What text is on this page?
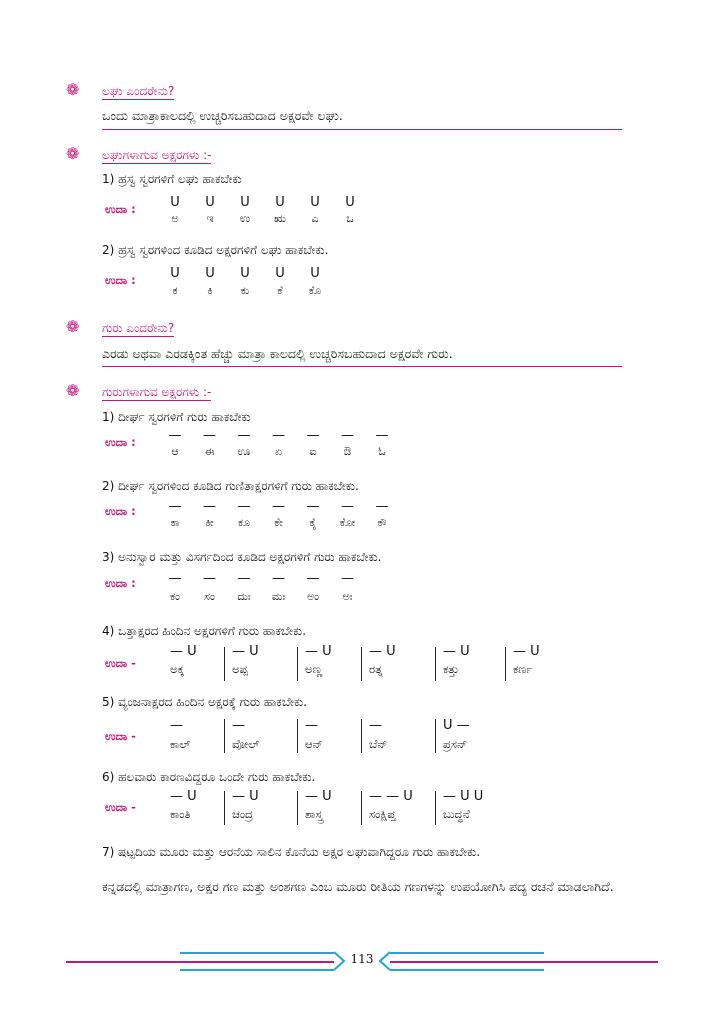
❁ ಲಘು ಎಂದರೇನು?
ಒಂದು ಮಾತ್ರಾಕಾಲದಲ್ಲಿ ಉಚ್ಚರಿಸಬಹುದಾದ ಅಕ್ಷರವೇ ಲಘು.
❁ ಲಘುಗಳಾಗುವ ಅಕ್ಷರಗಳು :-
1) ಹ್ರಸ್ವ ಸ್ವರಗಳಿಗೆ ಲಘು ಹಾಕಬೇಕು
ಉದಾ :
2) ಹ್ರಸ್ವ ಸ್ವರಗಳಿಂದ ಕೂಡಿದ ಅಕ್ಷರಗಳಿಗೆ ಲಘು ಹಾಕಬೇಕು.
ಉದಾ :
❁ ಗುರು ಎಂದರೇನು?
ಎರಡು ಅಥವಾ ಎರಡಕ್ಕಿಂತ ಹೆಚ್ಚು ಮಾತ್ರಾ ಕಾಲದಲ್ಲಿ ಉಚ್ಚರಿಸಬಹುದಾದ ಅಕ್ಷರವೇ ಗುರು.
❁ ಗುರುಗಳಾಗುವ ಅಕ್ಷರಗಳು :-
1) ದೀರ್ಘ ಸ್ವರಗಳಿಗೆ ಗುರು ಹಾಕಬೇಕು
ಉದಾ :
2) ದೀರ್ಘ ಸ್ವರಗಳಿಂದ ಕೂಡಿದ ಗುಣಿತಾಕ್ಷರಗಳಿಗೆ ಗುರು ಹಾಕಬೇಕು.
ಉದಾ :
3) ಅನುಸ್ವಾರ ಮತ್ತು ವಿಸರ್ಗದಿಂದ ಕೂಡಿದ ಅಕ್ಷರಗಳಿಗೆ ಗುರು ಹಾಕಬೇಕು.
ಉದಾ :
4) ಒತ್ತಾಕ್ಷರದ ಹಿಂದಿನ ಅಕ್ಷರಗಳಿಗೆ ಗುರು ಹಾಕಬೇಕು.
ಉದಾ -
5) ವ್ಯಂಜನಾಕ್ಷರದ ಹಿಂದಿನ ಅಕ್ಷರಕ್ಕೆ ಗುರು ಹಾಕಬೇಕು.
ಉದಾ -
6) ಹಲವಾರು ಕಾರಣವಿದ್ದರೂ ಒಂದೇ ಗುರು ಹಾಕಬೇಕು.
ಉದಾ -
7) ಷಟ್ಪದಿಯ ಮೂರು ಮತ್ತು ಆರನೆಯ ಸಾಲಿನ ಕೊನೆಯ ಅಕ್ಷರ ಲಘುವಾಗಿದ್ದರೂ ಗುರು ಹಾಕಬೇಕು.
ಕನ್ನಡದಲ್ಲಿ ಮಾತ್ರಾಗಣ, ಅಕ್ಷರ ಗಣ ಮತ್ತು ಅಂಶಗಣ ಎಂಬ ಮೂರು ರೀತಿಯ ಗಣಗಳನ್ನು ಉಪಯೋಗಿಸಿ ಪದ್ಯ ರಚನೆ ಮಾಡಲಾಗಿದೆ.
113
U
ಅ
U
ಇ
U
ಉ
U
ಋ
U
ಎ
U
ಒ
U
ಕ
U
ಕಿ
U
ಕು
U
ಕೆ
U
ಕೊ
—
ಆ
—
ಈ
—
ಊ
—
ಏ
—
ಐ
—
ಔ
—
ಓ
—
ಕಾ
—
ಕೀ
—
ಕೂ
—
ಕೇ
—
ಕೈ
—
ಕೋ
—
ಕೌ
—
ಕಂ
—
ಸಂ
—
ದುಃ
—
ಮಃ
—
ಅಂ
—
ಅಃ
— U
ಅಕ್ಕ
— U
ಅಪ್ಪ
— U
ಅಣ್ಣ
— U
ರತ್ನ
— U
ಕತ್ತು
— U
ಕರ್ಣ
—
ಕಾಲ್
—
ವೋಲ್
—
ಆನ್
—
ಬೆನ್
U —
ಪ್ರಸನ್
— U
ಕಾಂತಿ
— U
ಚಂದ್ರ
— U
ಶಾಸ್ತ್ರ
— — U
ಸಂಕ್ಷಿಪ್ತ
— U U
ಬುದ್ಧನೆ
